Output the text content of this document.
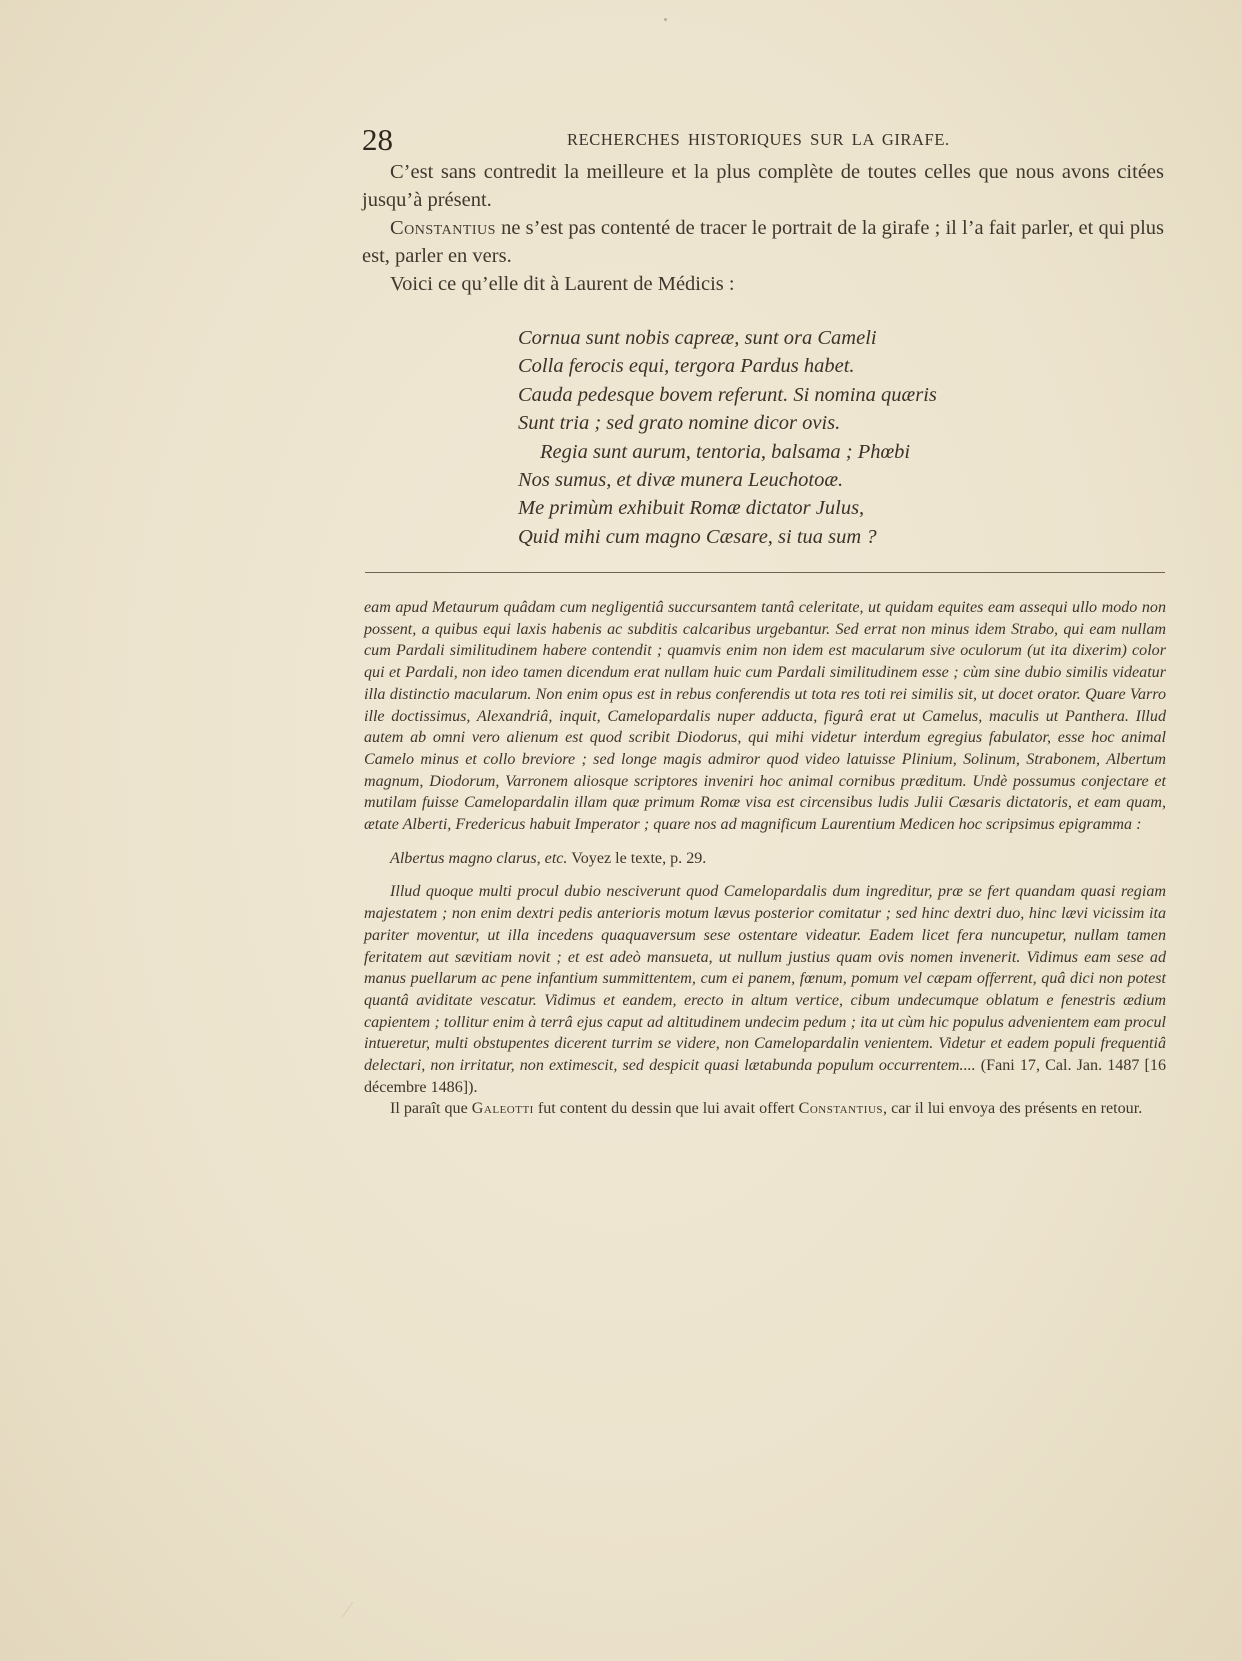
28	RECHERCHES HISTORIQUES SUR LA GIRAFE.

C’est sans contredit la meilleure et la plus complète de toutes celles que nous avons citées jusqu’à présent.

Constantius ne s’est pas contenté de tracer le portrait de la girafe ; il l’a fait parler, et qui plus est, parler en vers.

Voici ce qu’elle dit à Laurent de Médicis :

Cornua sunt nobis capreæ, sunt ora Cameli
Colla ferocis equi, tergora Pardus habet.
Cauda pedesque bovem referunt. Si nomina quæris
Sunt tria ; sed grato nomine dicor ovis.
Regia sunt aurum, tentoria, balsama ; Phœbi
Nos sumus, et divæ munera Leuchotoæ.
Me primùm exhibuit Romæ dictator Julus,
Quid mihi cum magno Cæsare, si tua sum ?

eam apud Metaurum quâdam cum negligentiâ succursantem tantâ celeritate, ut quidam equites eam assequi ullo modo non possent, a quibus equi laxis habenis ac subditis calcaribus urgebantur. Sed errat non minus idem Strabo, qui eam nullam cum Pardali similitudinem habere contendit ; quamvis enim non idem est macularum sive oculorum (ut ita dixerim) color qui et Pardali, non ideo tamen dicendum erat nullam huic cum Pardali similitudinem esse ; cùm sine dubio similis videatur illa distinctio macularum. Non enim opus est in rebus conferendis ut tota res toti rei similis sit, ut docet orator. Quare Varro ille doctissimus, Alexandriâ, inquit, Camelopardalis nuper adducta, figurâ erat ut Camelus, maculis ut Panthera. Illud autem ab omni vero alienum est quod scribit Diodorus, qui mihi videtur interdum egregius fabulator, esse hoc animal Camelo minus et collo breviore ; sed longe magis admiror quod video latuisse Plinium, Solinum, Strabonem, Albertum magnum, Diodorum, Varronem aliosque scriptores inveniri hoc animal cornibus præditum. Undè possumus conjectare et mutilam fuisse Camelopardalin illam quæ primum Romæ visa est circensibus ludis Julii Cæsaris dictatoris, et eam quam, ætate Alberti, Fredericus habuit Imperator ; quare nos ad magnificum Laurentium Medicen hoc scripsimus epigramma :

Albertus magno clarus, etc. Voyez le texte, p. 29.

Illud quoque multi procul dubio nesciverunt quod Camelopardalis dum ingreditur, præ se fert quandam quasi regiam majestatem ; non enim dextri pedis anterioris motum lævus posterior comitatur ; sed hinc dextri duo, hinc lævi vicissim ita pariter moventur, ut illa incedens quaquaversum sese ostentare videatur. Eadem licet fera nuncupetur, nullam tamen feritatem aut sævitiam novit ; et est adeò mansueta, ut nullum justius quam ovis nomen invenerit. Vidimus eam sese ad manus puellarum ac pene infantium summittentem, cum ei panem, fœnum, pomum vel cæpam offerrent, quâ dici non potest quantâ aviditate vescatur. Vidimus et eandem, erecto in altum vertice, cibum undecumque oblatum e fenestris ædium capientem ; tollitur enim à terrâ ejus caput ad altitudinem undecim pedum ; ita ut cùm hic populus advenientem eam procul intueretur, multi obstupentes dicerent turrim se videre, non Camelopardalin venientem. Videtur et eadem populi frequentiâ delectari, non irritatur, non extimescit, sed despicit quasi lætabunda populum occurrentem.... (Fani 17, Cal. Jan. 1487 [16 décembre 1486]).

Il paraît que Galeotti fut content du dessin que lui avait offert Constantius, car il lui envoya des présents en retour.
